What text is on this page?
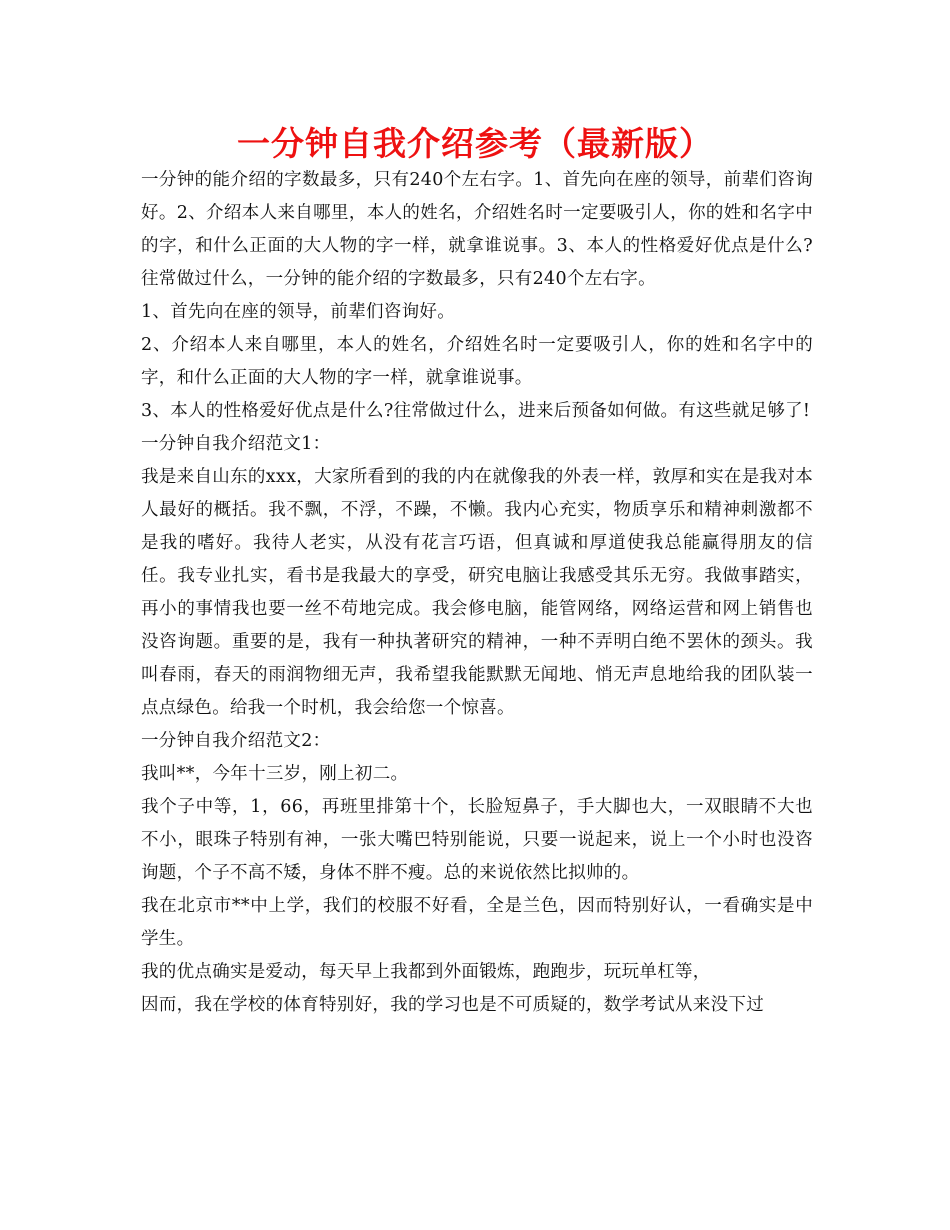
一分钟自我介绍参考（最新版）

一分钟的能介绍的字数最多，只有240个左右字。1、首先向在座的领导，前辈们咨询好。2、介绍本人来自哪里，本人的姓名，介绍姓名时一定要吸引人，你的姓和名字中的字，和什么正面的大人物的字一样，就拿谁说事。3、本人的性格爱好优点是什么?往常做过什么，一分钟的能介绍的字数最多，只有240个左右字。

1、首先向在座的领导，前辈们咨询好。

2、介绍本人来自哪里，本人的姓名，介绍姓名时一定要吸引人，你的姓和名字中的字，和什么正面的大人物的字一样，就拿谁说事。

3、本人的性格爱好优点是什么?往常做过什么，进来后预备如何做。有这些就足够了!

一分钟自我介绍范文1：

我是来自山东的xxx，大家所看到的我的内在就像我的外表一样，敦厚和实在是我对本人最好的概括。我不飘，不浮，不躁，不懒。我内心充实，物质享乐和精神刺激都不是我的嗜好。我待人老实，从没有花言巧语，但真诚和厚道使我总能赢得朋友的信任。我专业扎实，看书是我最大的享受，研究电脑让我感受其乐无穷。我做事踏实，再小的事情我也要一丝不苟地完成。我会修电脑，能管网络，网络运营和网上销售也没咨询题。重要的是，我有一种执著研究的精神，一种不弄明白绝不罢休的颈头。我叫春雨，春天的雨润物细无声，我希望我能默默无闻地、悄无声息地给我的团队装一点点绿色。给我一个时机，我会给您一个惊喜。

一分钟自我介绍范文2：

我叫**，今年十三岁，刚上初二。

我个子中等，1，66，再班里排第十个，长脸短鼻子，手大脚也大，一双眼睛不大也不小，眼珠子特别有神，一张大嘴巴特别能说，只要一说起来，说上一个小时也没咨询题，个子不高不矮，身体不胖不瘦。总的来说依然比拟帅的。

我在北京市**中上学，我们的校服不好看，全是兰色，因而特别好认，一看确实是中学生。

我的优点确实是爱动，每天早上我都到外面锻炼，跑跑步，玩玩单杠等，

因而，我在学校的体育特别好，我的学习也是不可质疑的，数学考试从来没下过
